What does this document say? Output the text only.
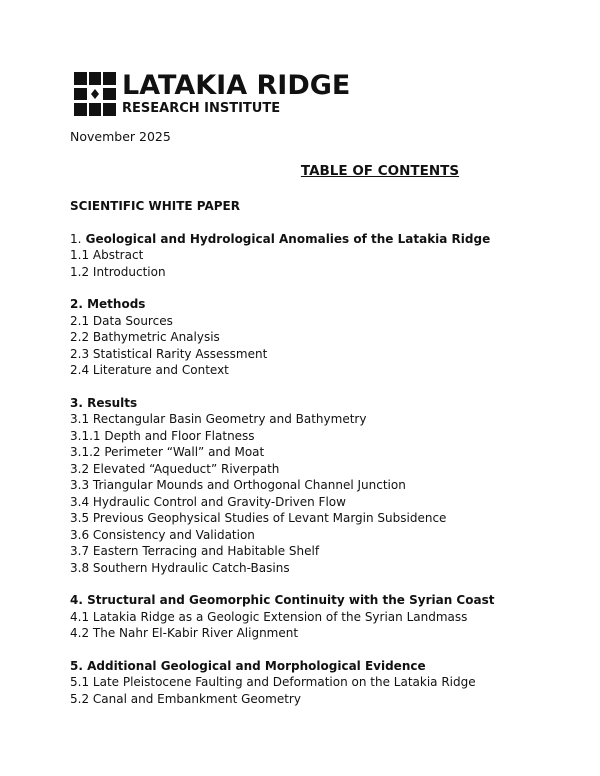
LATAKIA RIDGE
RESEARCH INSTITUTE
November 2025
TABLE OF CONTENTS
SCIENTIFIC WHITE PAPER
1. Geological and Hydrological Anomalies of the Latakia Ridge
1.1 Abstract
1.2 Introduction
2. Methods
2.1 Data Sources
2.2 Bathymetric Analysis
2.3 Statistical Rarity Assessment
2.4 Literature and Context
3. Results
3.1 Rectangular Basin Geometry and Bathymetry
3.1.1 Depth and Floor Flatness
3.1.2 Perimeter “Wall” and Moat
3.2 Elevated “Aqueduct” Riverpath
3.3 Triangular Mounds and Orthogonal Channel Junction
3.4 Hydraulic Control and Gravity-Driven Flow
3.5 Previous Geophysical Studies of Levant Margin Subsidence
3.6 Consistency and Validation
3.7 Eastern Terracing and Habitable Shelf
3.8 Southern Hydraulic Catch-Basins
4. Structural and Geomorphic Continuity with the Syrian Coast
4.1 Latakia Ridge as a Geologic Extension of the Syrian Landmass
4.2 The Nahr El-Kabir River Alignment
5. Additional Geological and Morphological Evidence
5.1 Late Pleistocene Faulting and Deformation on the Latakia Ridge
5.2 Canal and Embankment Geometry
